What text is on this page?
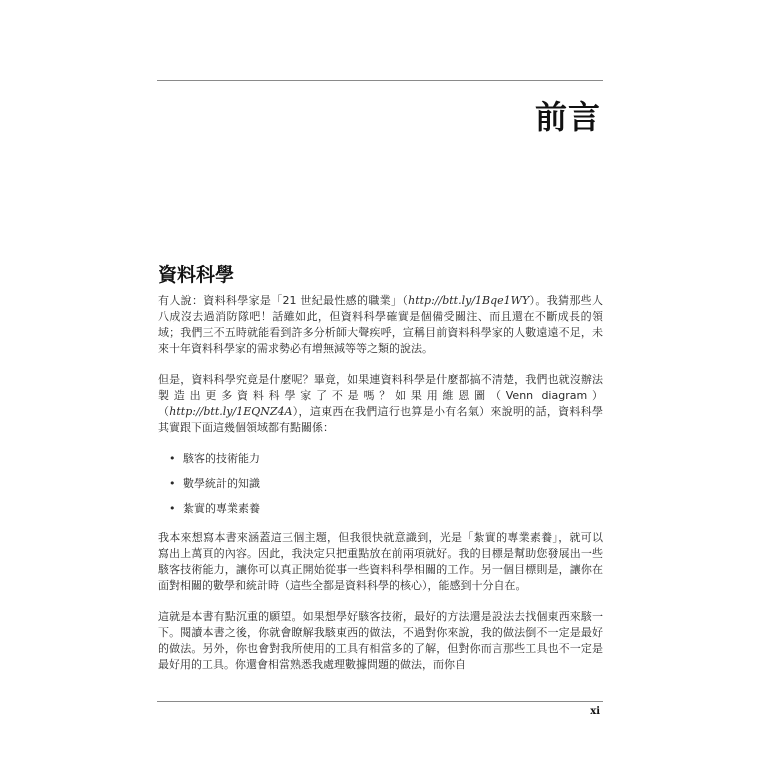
前言
資料科學

有人說：資料科學家是「21 世紀最性感的職業」（http://btt.ly/1Bqe1WY）。我猜那些人八成沒去過消防隊吧！話雖如此，但資料科學確實是個備受關注、而且還在不斷成長的領域；我們三不五時就能看到許多分析師大聲疾呼，宣稱目前資料科學家的人數遠遠不足，未來十年資料科學家的需求勢必有增無減等等之類的說法。

但是，資料科學究竟是什麼呢？畢竟，如果連資料科學是什麼都搞不清楚，我們也就沒辦法製造出更多資料科學家了不是嗎？如果用維恩圖（Venn diagram）（http://btt.ly/1EQNZ4A），這東西在我們這行也算是小有名氣）來說明的話，資料科學其實跟下面這幾個領域都有點關係：

• 駭客的技術能力
• 數學統計的知識
• 紮實的專業素養

我本來想寫本書來涵蓋這三個主題，但我很快就意識到，光是「紮實的專業素養」，就可以寫出上萬頁的內容。因此，我決定只把重點放在前兩項就好。我的目標是幫助您發展出一些駭客技術能力，讓你可以真正開始從事一些資料科學相關的工作。另一個目標則是，讓你在面對相關的數學和統計時（這些全都是資料科學的核心），能感到十分自在。

這就是本書有點沉重的願望。如果想學好駭客技術，最好的方法還是設法去找個東西來駭一下。閱讀本書之後，你就會瞭解我駭東西的做法，不過對你來說，我的做法倒不一定是最好的做法。另外，你也會對我所使用的工具有相當多的了解，但對你而言那些工具也不一定是最好用的工具。你還會相當熟悉我處理數據問題的做法，而你自

xi
